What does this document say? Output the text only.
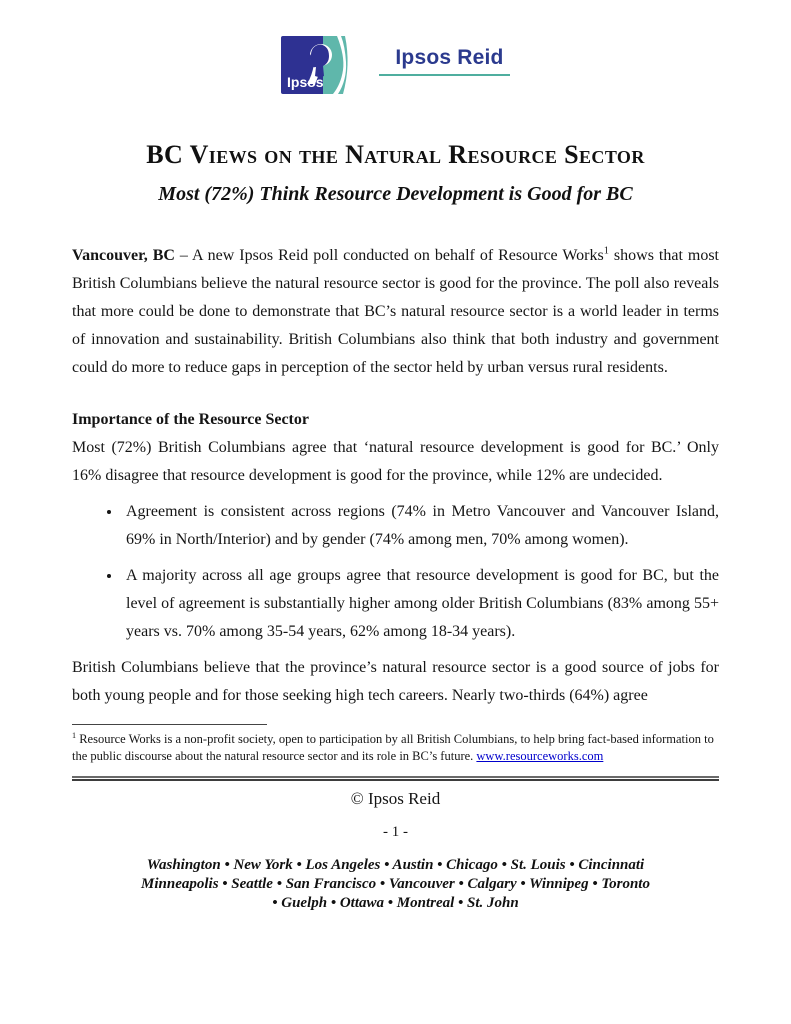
Ipsos
Ipsos Reid
BC Views on the Natural Resource Sector
Most (72%) Think Resource Development is Good for BC

Vancouver, BC – A new Ipsos Reid poll conducted on behalf of Resource Works$^1$ shows that most British Columbians believe the natural resource sector is good for the province. The poll also reveals that more could be done to demonstrate that BC’s natural resource sector is a world leader in terms of innovation and sustainability. British Columbians also think that both industry and government could do more to reduce gaps in perception of the sector held by urban versus rural residents.

Importance of the Resource Sector

Most (72%) British Columbians agree that ‘natural resource development is good for BC.’ Only 16% disagree that resource development is good for the province, while 12% are undecided.

• Agreement is consistent across regions (74% in Metro Vancouver and Vancouver Island, 69% in North/Interior) and by gender (74% among men, 70% among women).
• A majority across all age groups agree that resource development is good for BC, but the level of agreement is substantially higher among older British Columbians (83% among 55+ years vs. 70% among 35-54 years, 62% among 18-34 years).

British Columbians believe that the province’s natural resource sector is a good source of jobs for both young people and for those seeking high tech careers. Nearly two-thirds (64%) agree

$^1$ Resource Works is a non-profit society, open to participation by all British Columbians, to help bring fact-based information to the public discourse about the natural resource sector and its role in BC’s future. www.resourceworks.com

© Ipsos Reid

- 1 -

Washington • New York • Los Angeles • Austin • Chicago • St. Louis • Cincinnati
Minneapolis • Seattle • San Francisco • Vancouver • Calgary • Winnipeg • Toronto
• Guelph • Ottawa • Montreal • St. John
